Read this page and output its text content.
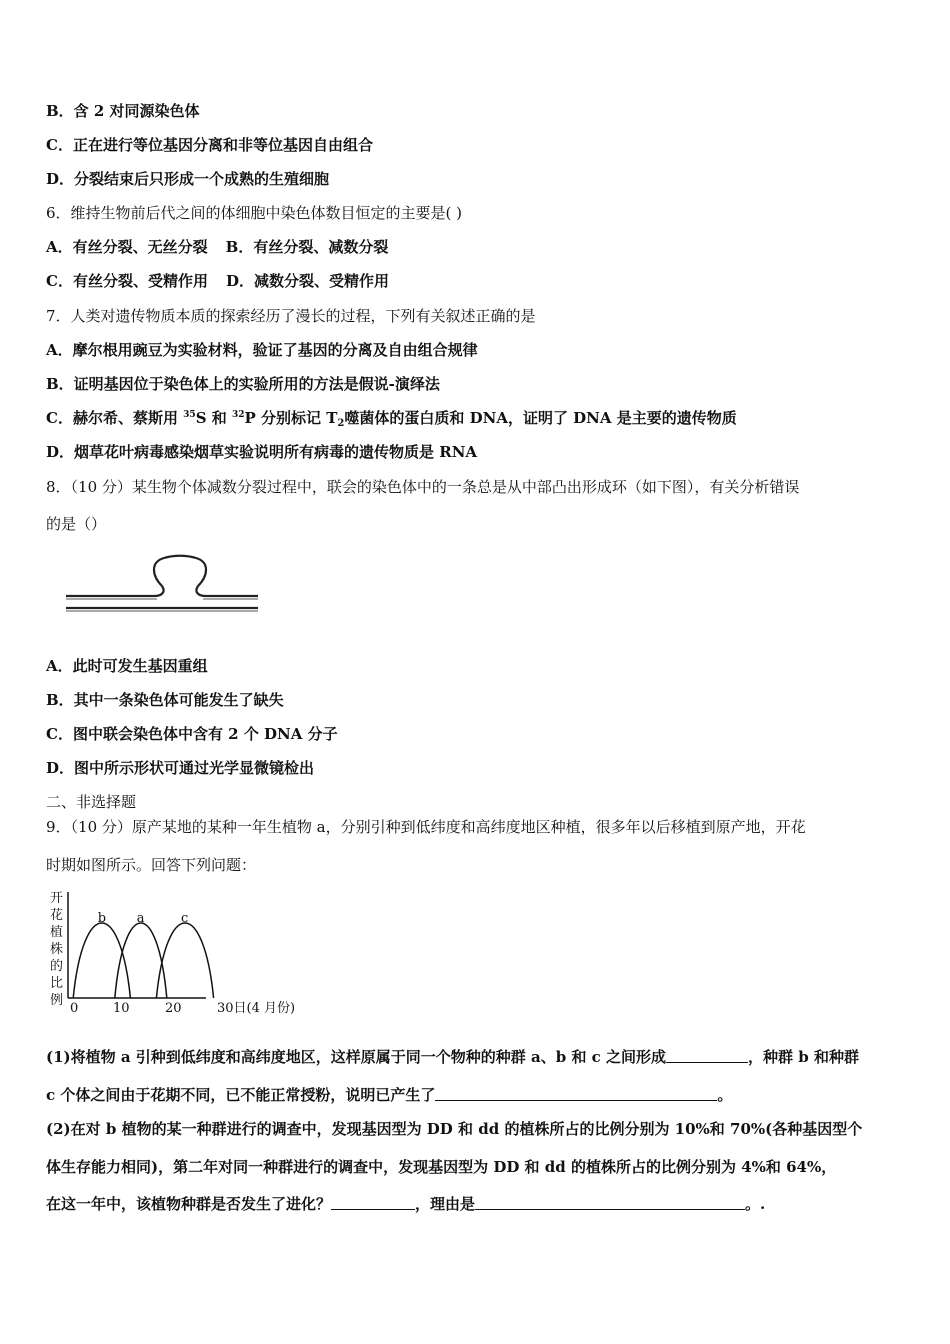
B．含 2 对同源染色体
C．正在进行等位基因分离和非等位基因自由组合
D．分裂结束后只形成一个成熟的生殖细胞
6．维持生物前后代之间的体细胞中染色体数目恒定的主要是( )
A．有丝分裂、无丝分裂 B．有丝分裂、减数分裂
C．有丝分裂、受精作用 D．减数分裂、受精作用
7．人类对遗传物质本质的探索经历了漫长的过程，下列有关叙述正确的是
A．摩尔根用豌豆为实验材料，验证了基因的分离及自由组合规律
B．证明基因位于染色体上的实验所用的方法是假说-演绎法
C．赫尔希、蔡斯用 $^{35}$S 和 $^{32}$P 分别标记 $T_2$噬菌体的蛋白质和 DNA，证明了 DNA 是主要的遗传物质
D．烟草花叶病毒感染烟草实验说明所有病毒的遗传物质是 RNA
8．（10 分）某生物个体减数分裂过程中，联会的染色体中的一条总是从中部凸出形成环（如下图），有关分析错误
的是（）
A．此时可发生基因重组
B．其中一条染色体可能发生了缺失
C．图中联会染色体中含有 2 个 DNA 分子
D．图中所示形状可通过光学显微镜检出
二、非选择题
9．（10 分）原产某地的某种一年生植物 a，分别引种到低纬度和高纬度地区种植，很多年以后移植到原产地，开花
时期如图所示。回答下列问题：
开
花
植
株
的
比
例
b a	c
0	10	20	30日(4 月份)
(1)将植物 a 引种到低纬度和高纬度地区，这样原属于同一个物种的种群 a、b 和 c 之间形成	，种群 b 和种群
c 个体之间由于花期不同，已不能正常授粉，说明已产生了	。
(2)在对 b 植物的某一种群进行的调查中，发现基因型为 DD 和 dd 的植株所占的比例分别为 10%和 70%(各种基因型个
体生存能力相同)，第二年对同一种群进行的调查中，发现基因型为 DD 和 dd 的植株所占的比例分别为 4%和 64%，
在这一年中，该植物种群是否发生了进化？	，理由是	。.
